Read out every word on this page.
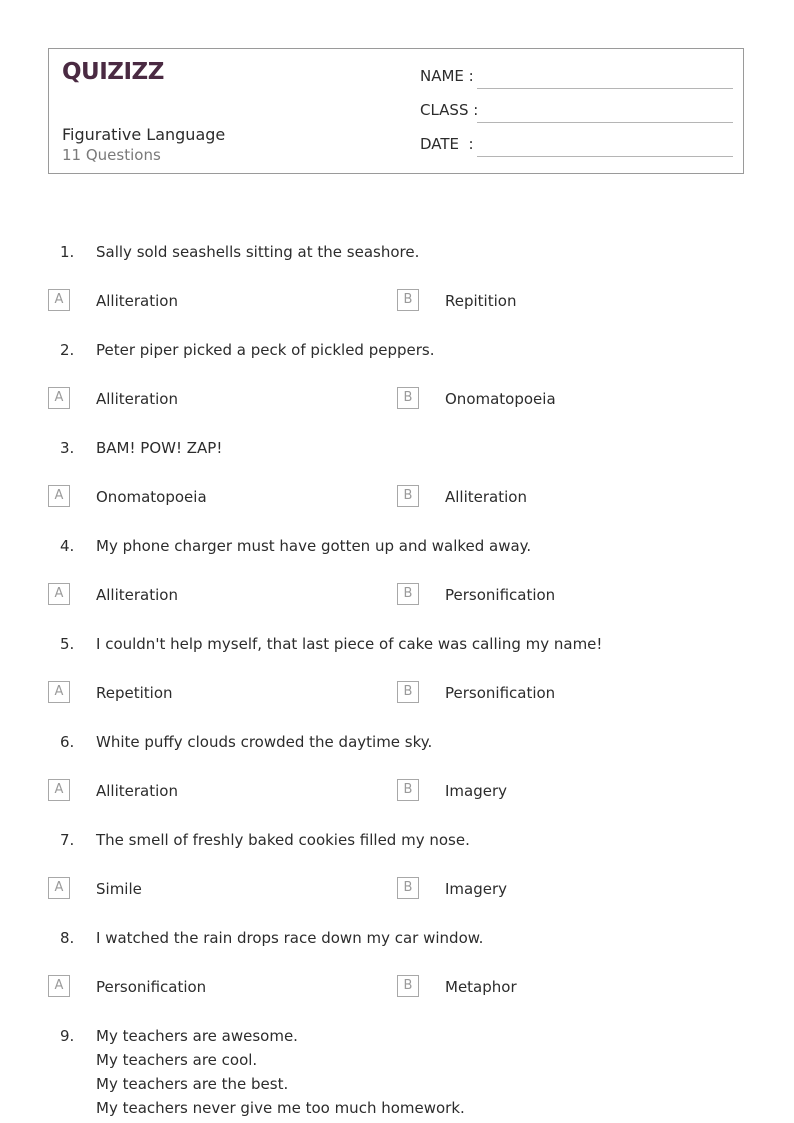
QUIZIZZ
Figurative Language
11 Questions
NAME :
CLASS :
DATE  :
1. Sally sold seashells sitting at the seashore.
A	Alliteration	B	Repitition
2. Peter piper picked a peck of pickled peppers.
A	Alliteration	B	Onomatopoeia
3. BAM! POW! ZAP!
A	Onomatopoeia	B	Alliteration
4. My phone charger must have gotten up and walked away.
A	Alliteration	B	Personification
5. I couldn't help myself, that last piece of cake was calling my name!
A	Repetition	B	Personification
6. White puffy clouds crowded the daytime sky.
A	Alliteration	B	Imagery
7. The smell of freshly baked cookies filled my nose.
A	Simile	B	Imagery
8. I watched the rain drops race down my car window.
A	Personification	B	Metaphor
9. My teachers are awesome.
My teachers are cool.
My teachers are the best.
My teachers never give me too much homework.
